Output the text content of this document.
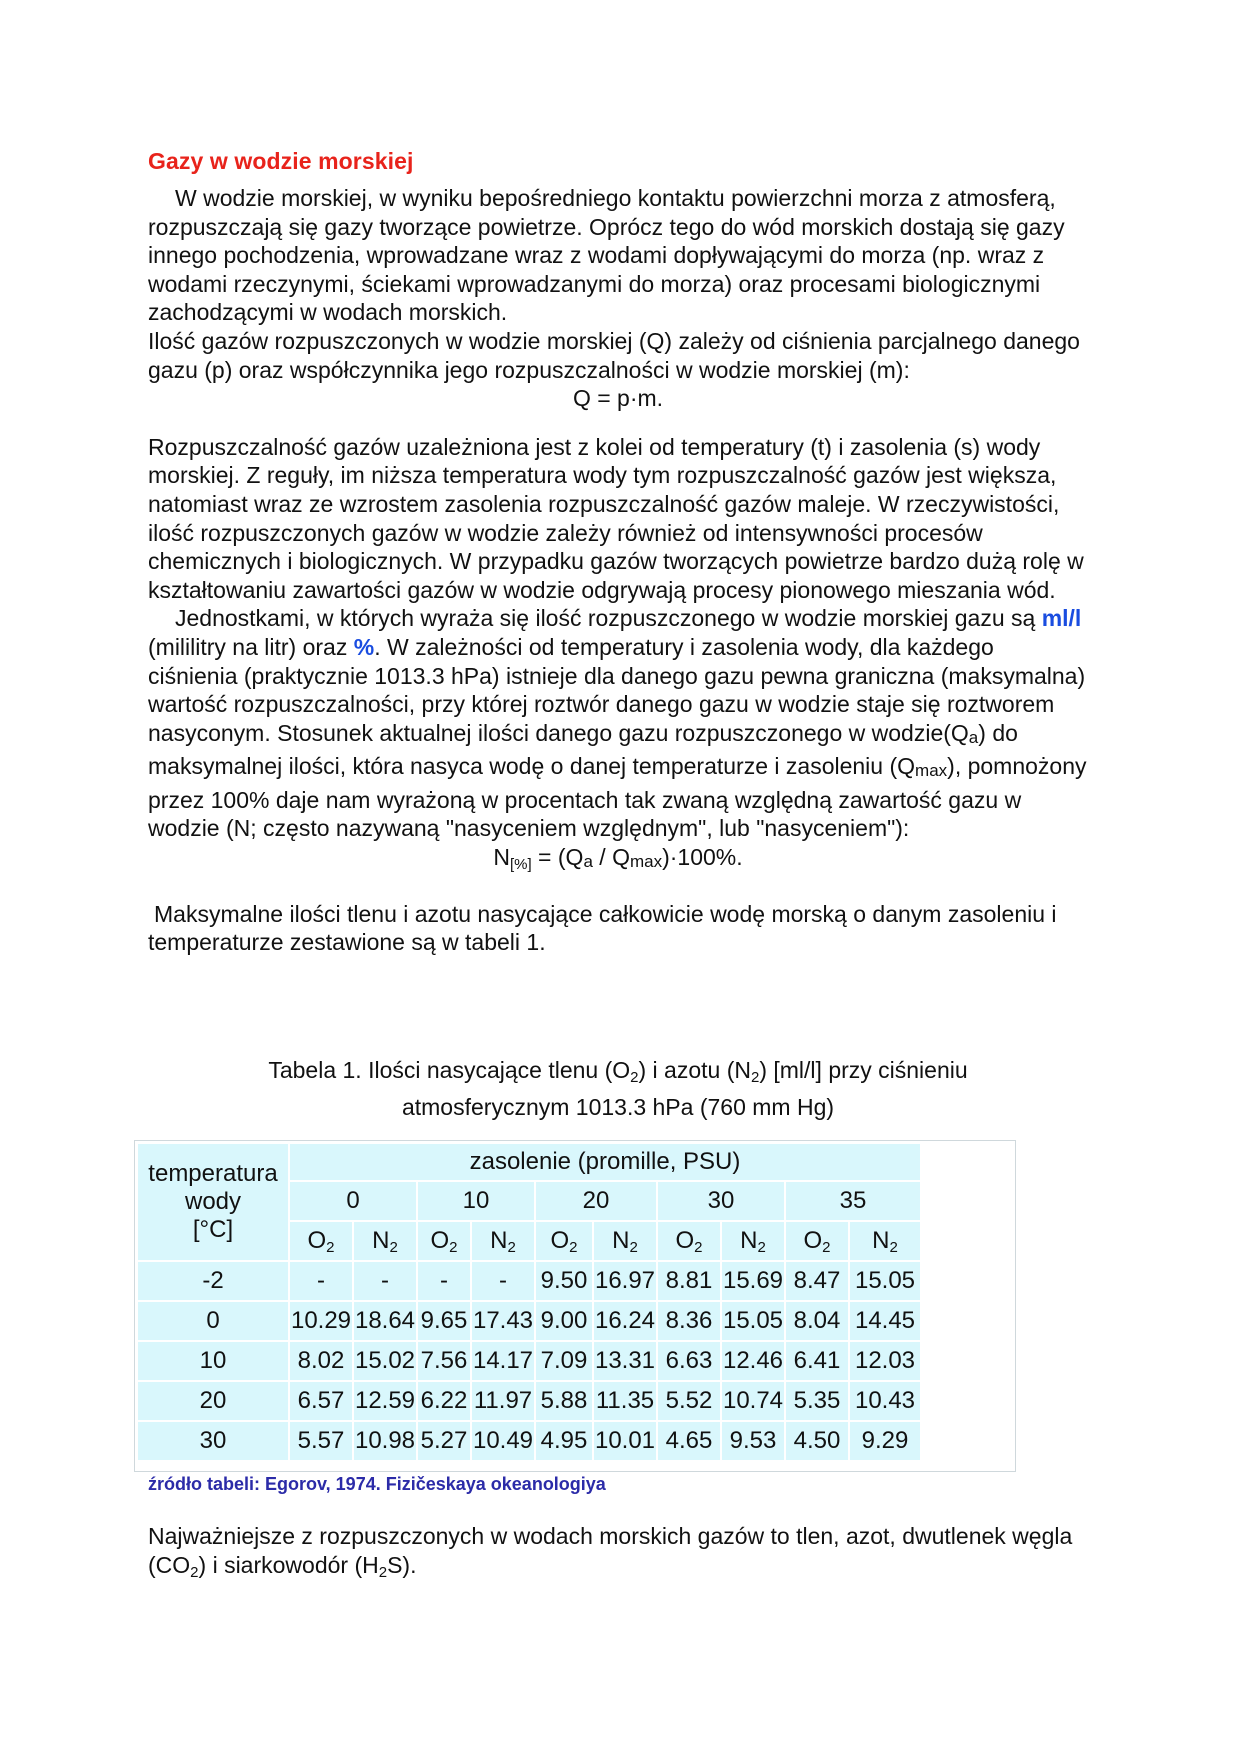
Gazy w wodzie morskiej

W wodzie morskiej, w wyniku bepośredniego kontaktu powierzchni morza z atmosferą, rozpuszczają się gazy tworzące powietrze. Oprócz tego do wód morskich dostają się gazy innego pochodzenia, wprowadzane wraz z wodami dopływającymi do morza (np. wraz z wodami rzeczynymi, ściekami wprowadzanymi do morza) oraz procesami biologicznymi zachodzącymi w wodach morskich.

Ilość gazów rozpuszczonych w wodzie morskiej (Q) zależy od ciśnienia parcjalnego danego gazu (p) oraz współczynnika jego rozpuszczalności w wodzie morskiej (m):

Q = p·m.

Rozpuszczalność gazów uzależniona jest z kolei od temperatury (t) i zasolenia (s) wody morskiej. Z reguły, im niższa temperatura wody tym rozpuszczalność gazów jest większa, natomiast wraz ze wzrostem zasolenia rozpuszczalność gazów maleje. W rzeczywistości, ilość rozpuszczonych gazów w wodzie zależy również od intensywności procesów chemicznych i biologicznych. W przypadku gazów tworzących powietrze bardzo dużą rolę w kształtowaniu zawartości gazów w wodzie odgrywają procesy pionowego mieszania wód.

Jednostkami, w których wyraża się ilość rozpuszczonego w wodzie morskiej gazu są ml/l (mililitry na litr) oraz %. W zależności od temperatury i zasolenia wody, dla każdego ciśnienia (praktycznie 1013.3 hPa) istnieje dla danego gazu pewna graniczna (maksymalna) wartość rozpuszczalności, przy której roztwór danego gazu w wodzie staje się roztworem nasyconym. Stosunek aktualnej ilości danego gazu rozpuszczonego w wodzie(Qa) do maksymalnej ilości, która nasyca wodę o danej temperaturze i zasoleniu (Qmax), pomnożony przez 100% daje nam wyrażoną w procentach tak zwaną względną zawartość gazu w wodzie (N; często nazywaną "nasyceniem względnym", lub "nasyceniem"):

$N_{[\%]} = (Qa / Qmax)\cdot 100\%$.

Maksymalne ilości tlenu i azotu nasycające całkowicie wodę morską o danym zasoleniu i temperaturze zestawione są w tabeli 1.

Tabela 1. Ilości nasycające tlenu $(O_2)$ i azotu $(N_2)$ [ml/l] przy ciśnieniu
atmosferycznym 1013.3 hPa (760 mm Hg)
temperatura
wody
[°C]	zasolenie (promille, PSU)									
	0		10		20		30		35	
	$O_2$	$N_2$	$O_2$	$N_2$	$O_2$	$N_2$	$O_2$	$N_2$	$O_2$	$N_2$
-2	-	-	-	-	9.50	16.97	8.81	15.69	8.47	15.05
0	10.29	18.64	9.65	17.43	9.00	16.24	8.36	15.05	8.04	14.45
10	8.02	15.02	7.56	14.17	7.09	13.31	6.63	12.46	6.41	12.03
20	6.57	12.59	6.22	11.97	5.88	11.35	5.52	10.74	5.35	10.43
30	5.57	10.98	5.27	10.49	4.95	10.01	4.65	9.53	4.50	9.29
źródło tabeli: Egorov, 1974. Fizičeskaya okeanologiya
Najważniejsze z rozpuszczonych w wodach morskich gazów to tlen, azot, dwutlenek węgla $(CO_2)$ i siarkowodór $(H_2S)$.
